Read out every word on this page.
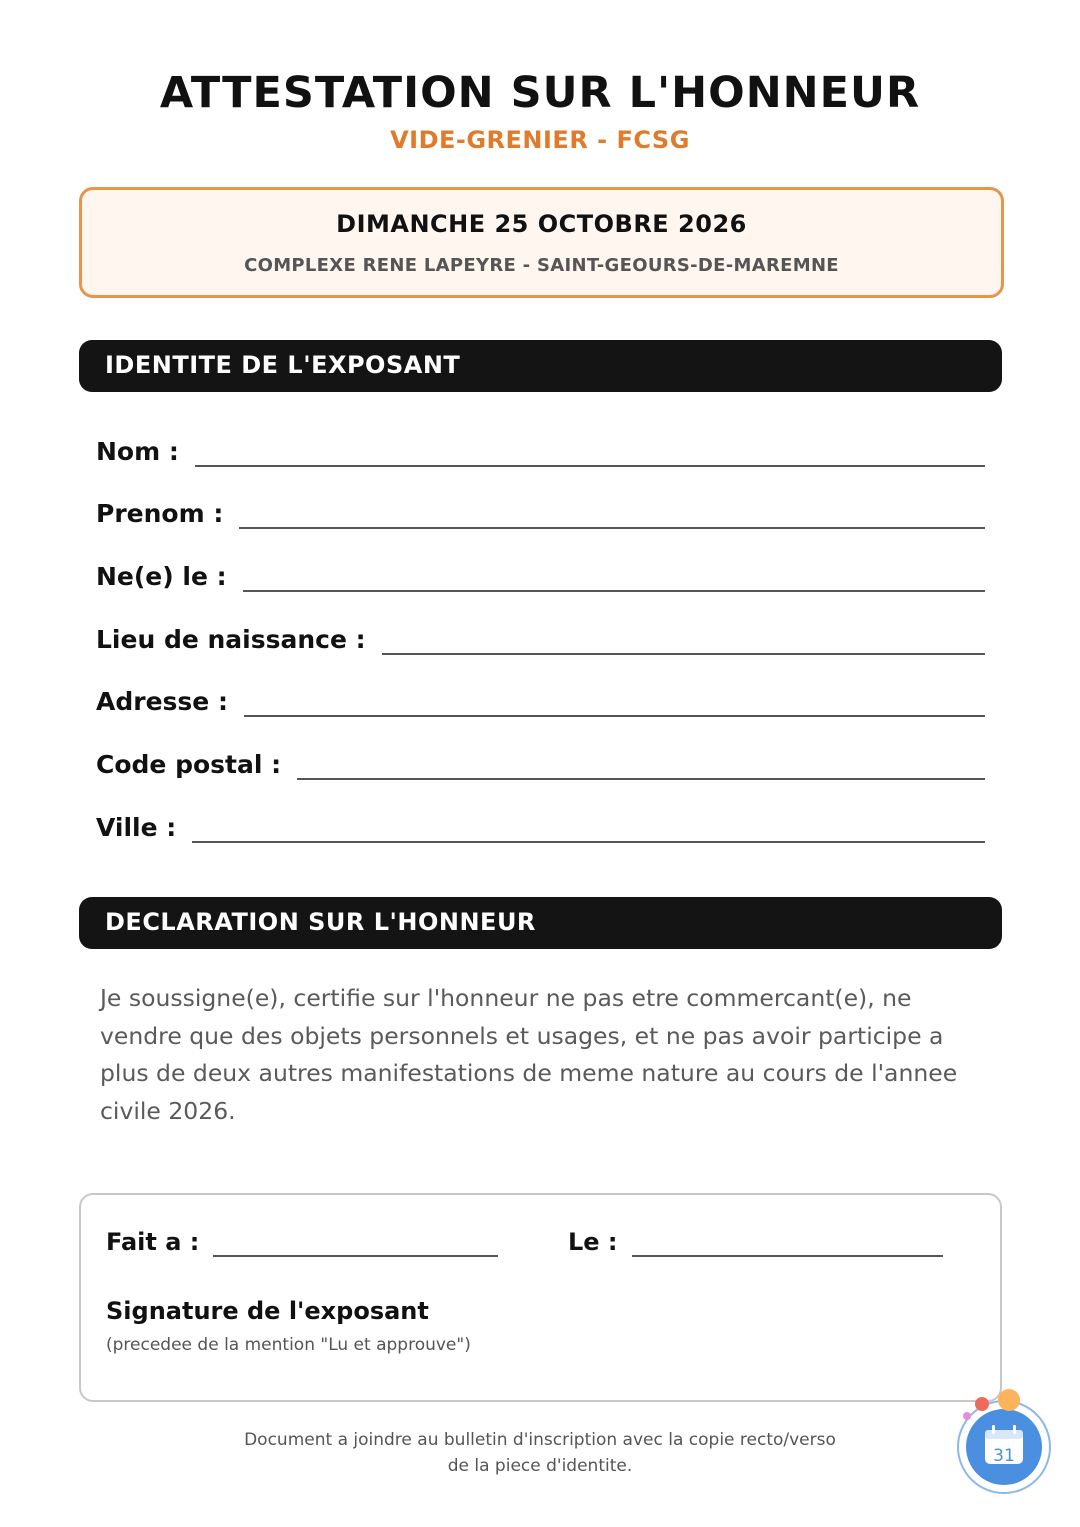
ATTESTATION SUR L'HONNEUR
VIDE-GRENIER - FCSG
DIMANCHE 25 OCTOBRE 2026
COMPLEXE RENE LAPEYRE - SAINT-GEOURS-DE-MAREMNE
IDENTITE DE L'EXPOSANT
Nom :
Prenom :
Ne(e) le :
Lieu de naissance :
Adresse :
Code postal :
Ville :
DECLARATION SUR L'HONNEUR
Je soussigne(e), certifie sur l'honneur ne pas etre commercant(e), ne vendre que des objets personnels et usages, et ne pas avoir participe a plus de deux autres manifestations de meme nature au cours de l'annee civile 2026.
Fait a :	Le :
Signature de l'exposant
(precedee de la mention "Lu et approuve")
Document a joindre au bulletin d'inscription avec la copie recto/verso
de la piece d'identite.	31
